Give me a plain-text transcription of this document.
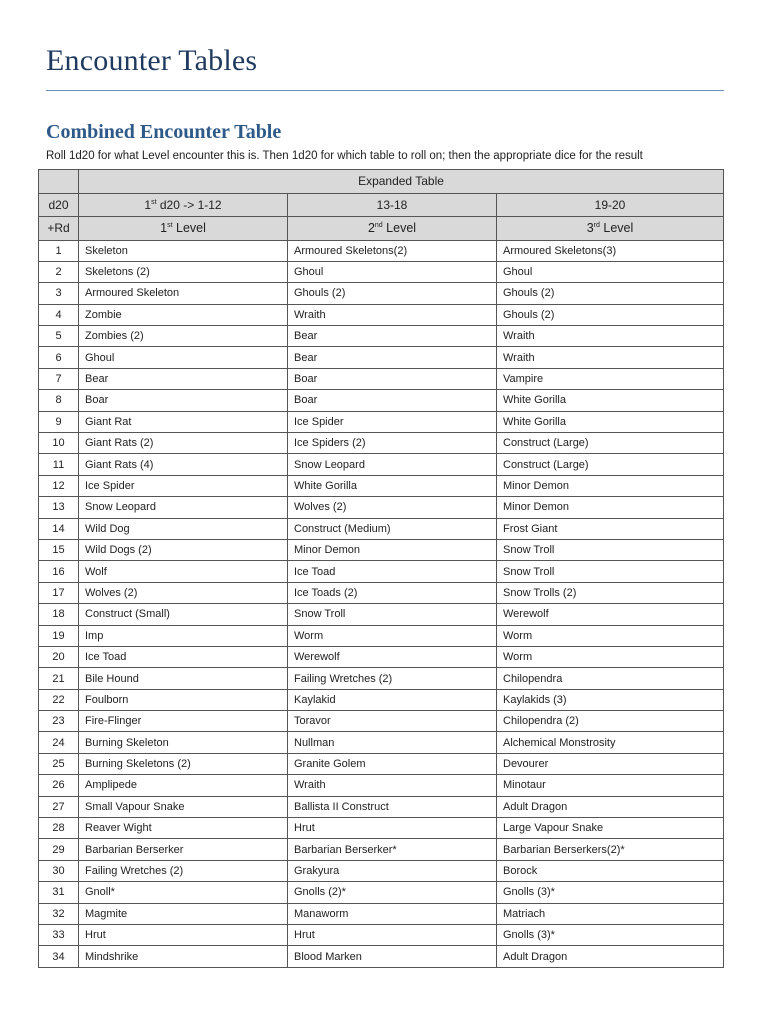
Encounter Tables
Combined Encounter Table

Roll 1d20 for what Level encounter this is. Then 1d20 for which table to roll on; then the appropriate dice for the result

	Expanded Table		
d20	1st d20 -> 1-12	13-18	19-20
+Rd	1st Level	2nd Level	3rd Level
1	Skeleton	Armoured Skeletons(2)	Armoured Skeletons(3)
2	Skeletons (2)	Ghoul	Ghoul
3	Armoured Skeleton	Ghouls (2)	Ghouls (2)
4	Zombie	Wraith	Ghouls (2)
5	Zombies (2)	Bear	Wraith
6	Ghoul	Bear	Wraith
7	Bear	Boar	Vampire
8	Boar	Boar	White Gorilla
9	Giant Rat	Ice Spider	White Gorilla
10	Giant Rats (2)	Ice Spiders (2)	Construct (Large)
11	Giant Rats (4)	Snow Leopard	Construct (Large)
12	Ice Spider	White Gorilla	Minor Demon
13	Snow Leopard	Wolves (2)	Minor Demon
14	Wild Dog	Construct (Medium)	Frost Giant
15	Wild Dogs (2)	Minor Demon	Snow Troll
16	Wolf	Ice Toad	Snow Troll
17	Wolves (2)	Ice Toads (2)	Snow Trolls (2)
18	Construct (Small)	Snow Troll	Werewolf
19	Imp	Worm	Worm
20	Ice Toad	Werewolf	Worm
21	Bile Hound	Failing Wretches (2)	Chilopendra
22	Foulborn	Kaylakid	Kaylakids (3)
23	Fire-Flinger	Toravor	Chilopendra (2)
24	Burning Skeleton	Nullman	Alchemical Monstrosity
25	Burning Skeletons (2)	Granite Golem	Devourer
26	Amplipede	Wraith	Minotaur
27	Small Vapour Snake	Ballista II Construct	Adult Dragon
28	Reaver Wight	Hrut	Large Vapour Snake
29	Barbarian Berserker	Barbarian Berserker*	Barbarian Berserkers(2)*
30	Failing Wretches (2)	Grakyura	Borock
31	Gnoll*	Gnolls (2)*	Gnolls (3)*
32	Magmite	Manaworm	Matriach
33	Hrut	Hrut	Gnolls (3)*
34	Mindshrike	Blood Marken	Adult Dragon
